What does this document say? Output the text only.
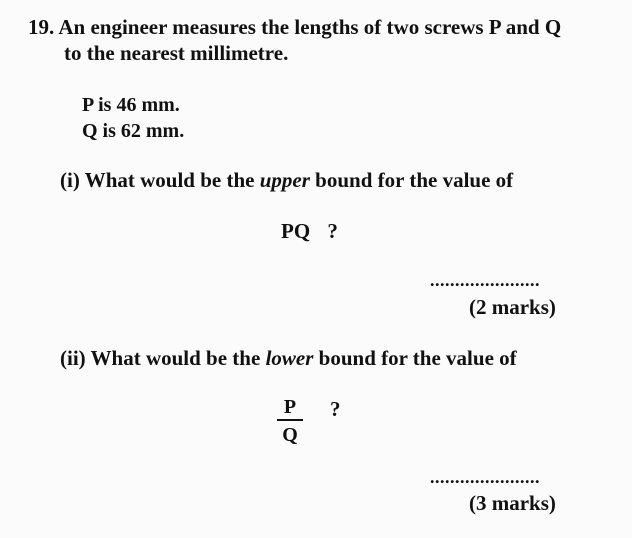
19. An engineer measures the lengths of two screws P and Q
to the nearest millimetre.
P is 46 mm.
Q is 62 mm.
(i) What would be the upper bound for the value of
PQ ?
......................
(2 marks)
(ii) What would be the lower bound for the value of
P
Q
?
......................
(3 marks)
